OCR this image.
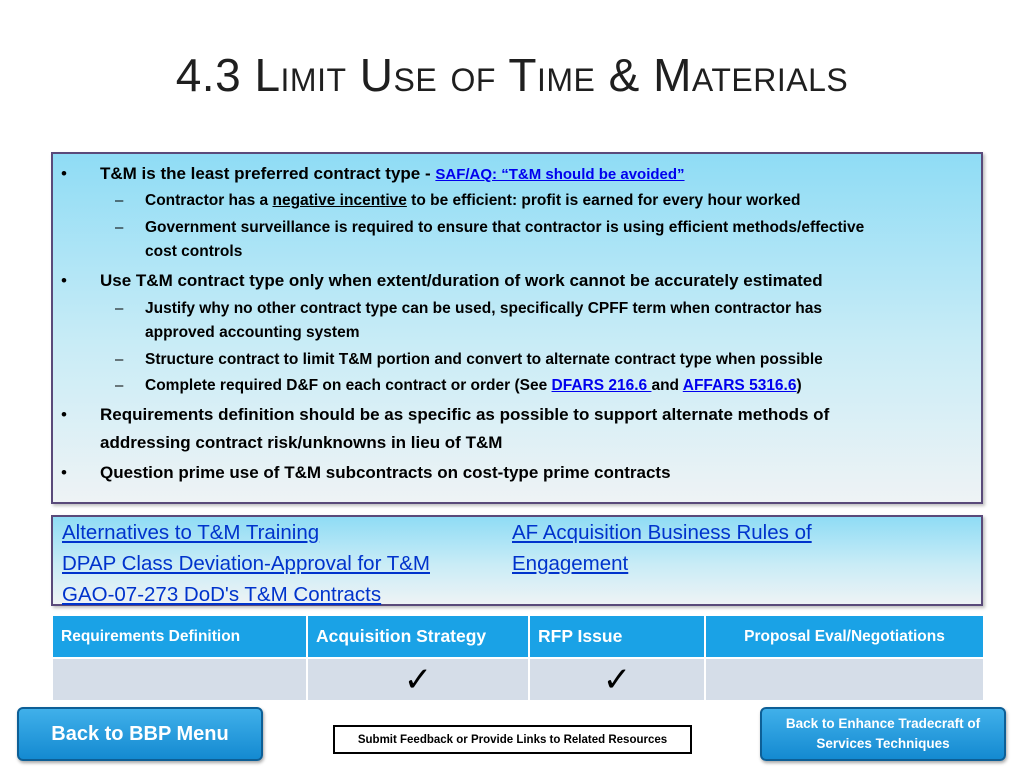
4.3 Limit Use of Time & Materials
• T&M is the least preferred contract type - SAF/AQ: “T&M should be avoided”
– Contractor has a negative incentive to be efficient: profit is earned for every hour worked
– Government surveillance is required to ensure that contractor is using efficient methods/effective
cost controls
• Use T&M contract type only when extent/duration of work cannot be accurately estimated
– Justify why no other contract type can be used, specifically CPFF term when contractor has
approved accounting system
– Structure contract to limit T&M portion and convert to alternate contract type when possible
– Complete required D&F on each contract or order (See DFARS 216.6 and AFFARS 5316.6)
• Requirements definition should be as specific as possible to support alternate methods of
addressing contract risk/unknowns in lieu of T&M
• Question prime use of T&M subcontracts on cost-type prime contracts
Alternatives to T&M Training
DPAP Class Deviation-Approval for T&M
GAO-07-273 DoD's T&M Contracts
AF Acquisition Business Rules of
Engagement
Requirements Definition	Acquisition Strategy	RFP Issue	Proposal Eval/Negotiations
	✓	✓	
Back to BBP Menu	Submit Feedback or Provide Links to Related Resources
Back to Enhance Tradecraft of
Services Techniques
